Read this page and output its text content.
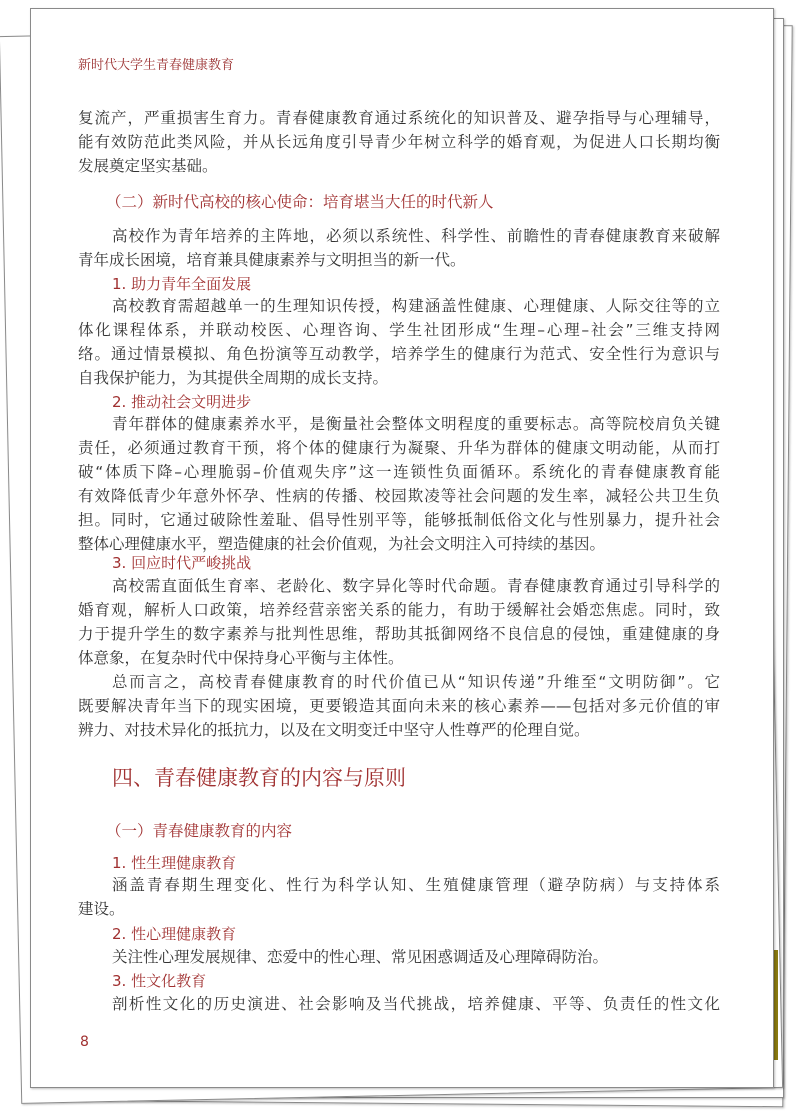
新时代大学生青春健康教育
8
复流产，严重损害生育力。青春健康教育通过系统化的知识普及、避孕指导与心理辅导，
能有效防范此类风险，并从长远角度引导青少年树立科学的婚育观，为促进人口长期均衡
发展奠定坚实基础。
（二）新时代高校的核心使命：培育堪当大任的时代新人
高校作为青年培养的主阵地，必须以系统性、科学性、前瞻性的青春健康教育来破解
青年成长困境，培育兼具健康素养与文明担当的新一代。
1. 助力青年全面发展
高校教育需超越单一的生理知识传授，构建涵盖性健康、心理健康、人际交往等的立
体化课程体系，并联动校医、心理咨询、学生社团形成“生理–心理–社会”三维支持网
络。通过情景模拟、角色扮演等互动教学，培养学生的健康行为范式、安全性行为意识与
自我保护能力，为其提供全周期的成长支持。
2. 推动社会文明进步
青年群体的健康素养水平，是衡量社会整体文明程度的重要标志。高等院校肩负关键
责任，必须通过教育干预，将个体的健康行为凝聚、升华为群体的健康文明动能，从而打
破“体质下降–心理脆弱–价值观失序”这一连锁性负面循环。系统化的青春健康教育能
有效降低青少年意外怀孕、性病的传播、校园欺凌等社会问题的发生率，减轻公共卫生负
担。同时，它通过破除性羞耻、倡导性别平等，能够抵制低俗文化与性别暴力，提升社会
整体心理健康水平，塑造健康的社会价值观，为社会文明注入可持续的基因。
3. 回应时代严峻挑战
高校需直面低生育率、老龄化、数字异化等时代命题。青春健康教育通过引导科学的
婚育观，解析人口政策，培养经营亲密关系的能力，有助于缓解社会婚恋焦虑。同时，致
力于提升学生的数字素养与批判性思维，帮助其抵御网络不良信息的侵蚀，重建健康的身
体意象，在复杂时代中保持身心平衡与主体性。
总而言之，高校青春健康教育的时代价值已从“知识传递”升维至“文明防御”。它
既要解决青年当下的现实困境，更要锻造其面向未来的核心素养——包括对多元价值的审
辨力、对技术异化的抵抗力，以及在文明变迁中坚守人性尊严的伦理自觉。
四、青春健康教育的内容与原则
（一）青春健康教育的内容
1. 性生理健康教育
涵盖青春期生理变化、性行为科学认知、生殖健康管理（避孕防病）与支持体系
建设。
2. 性心理健康教育
关注性心理发展规律、恋爱中的性心理、常见困惑调适及心理障碍防治。
3. 性文化教育
剖析性文化的历史演进、社会影响及当代挑战，培养健康、平等、负责任的性文化
